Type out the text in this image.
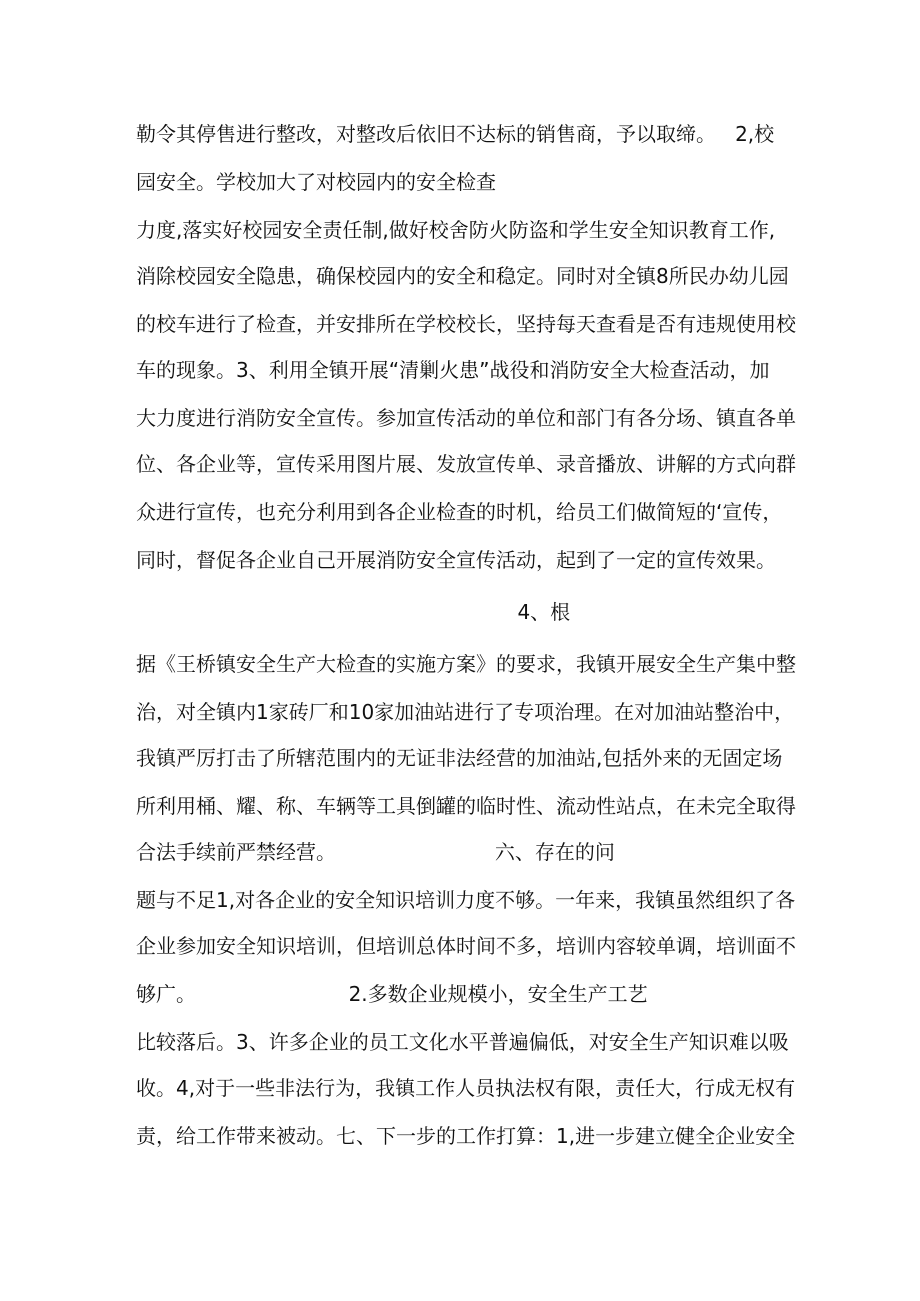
勒令其停售进行整改，对整改后依旧不达标的销售商，予以取缔。   2,校
园安全。学校加大了对校园内的安全检查
力度,落实好校园安全责任制,做好校舍防火防盗和学生安全知识教育工作,
消除校园安全隐患，确保校园内的安全和稳定。同时对全镇8所民办幼儿园
的校车进行了检查，并安排所在学校校长，坚持每天查看是否有违规使用校
车的现象。3、利用全镇开展“清剿火患”战役和消防安全大检查活动，加
大力度进行消防安全宣传。参加宣传活动的单位和部门有各分场、镇直各单
位、各企业等，宣传采用图片展、发放宣传单、录音播放、讲解的方式向群
众进行宣传，也充分利用到各企业检查的时机，给员工们做简短的‘宣传，
同时，督促各企业自己开展消防安全宣传活动，起到了一定的宣传效果。
4、根
据《王桥镇安全生产大检查的实施方案》的要求，我镇开展安全生产集中整
治，对全镇内1家砖厂和10家加油站进行了专项治理。在对加油站整治中，
我镇严厉打击了所辖范围内的无证非法经营的加油站,包括外来的无固定场
所利用桶、耀、称、车辆等工具倒罐的临时性、流动性站点，在未完全取得
合法手续前严禁经营。                         六、存在的问
题与不足1,对各企业的安全知识培训力度不够。一年来，我镇虽然组织了各
企业参加安全知识培训，但培训总体时间不多，培训内容较单调，培训面不
够广。                        2.多数企业规模小，安全生产工艺
比较落后。3、许多企业的员工文化水平普遍偏低，对安全生产知识难以吸
收。4,对于一些非法行为，我镇工作人员执法权有限，责任大，行成无权有
责，给工作带来被动。七、下一步的工作打算：1,进一步建立健全企业安全
